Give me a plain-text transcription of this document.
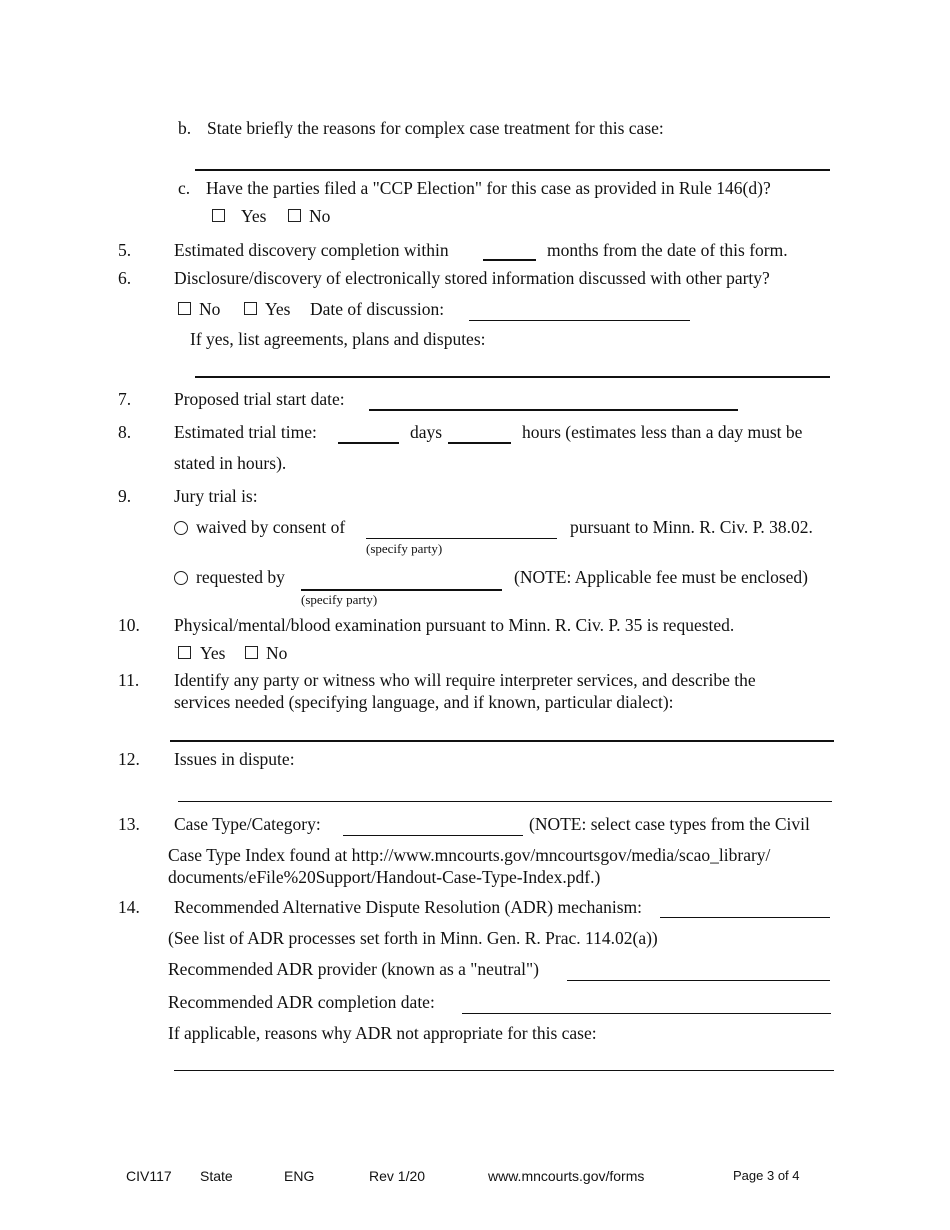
b. State briefly the reasons for complex case treatment for this case:
c. Have the parties filed a "CCP Election" for this case as provided in Rule 146(d)?
Yes No
5. Estimated discovery completion within	months from the date of this form.
6. Disclosure/discovery of electronically stored information discussed with other party?
No	Yes Date of discussion:
If yes, list agreements, plans and disputes:
7. Proposed trial start date:
8. Estimated trial time:	days	hours (estimates less than a day must be
stated in hours).
9. Jury trial is:
waived by consent of
(specify party)
pursuant to Minn. R. Civ. P. 38.02.
requested by
(specify party)
(NOTE: Applicable fee must be enclosed)
10. Physical/mental/blood examination pursuant to Minn. R. Civ. P. 35 is requested.
Yes No
11. Identify any party or witness who will require interpreter services, and describe the
services needed (specifying language, and if known, particular dialect):
12. Issues in dispute:
13. Case Type/Category:	(NOTE: select case types from the Civil
Case Type Index found at http://www.mncourts.gov/mncourtsgov/media/scao_library/
documents/eFile%20Support/Handout-Case-Type-Index.pdf.)
14. Recommended Alternative Dispute Resolution (ADR) mechanism:
(See list of ADR processes set forth in Minn. Gen. R. Prac. 114.02(a))
Recommended ADR provider (known as a "neutral")
Recommended ADR completion date:
If applicable, reasons why ADR not appropriate for this case:
CIV117 State	ENG	Rev 1/20	www.mncourts.gov/forms	Page 3 of 4
